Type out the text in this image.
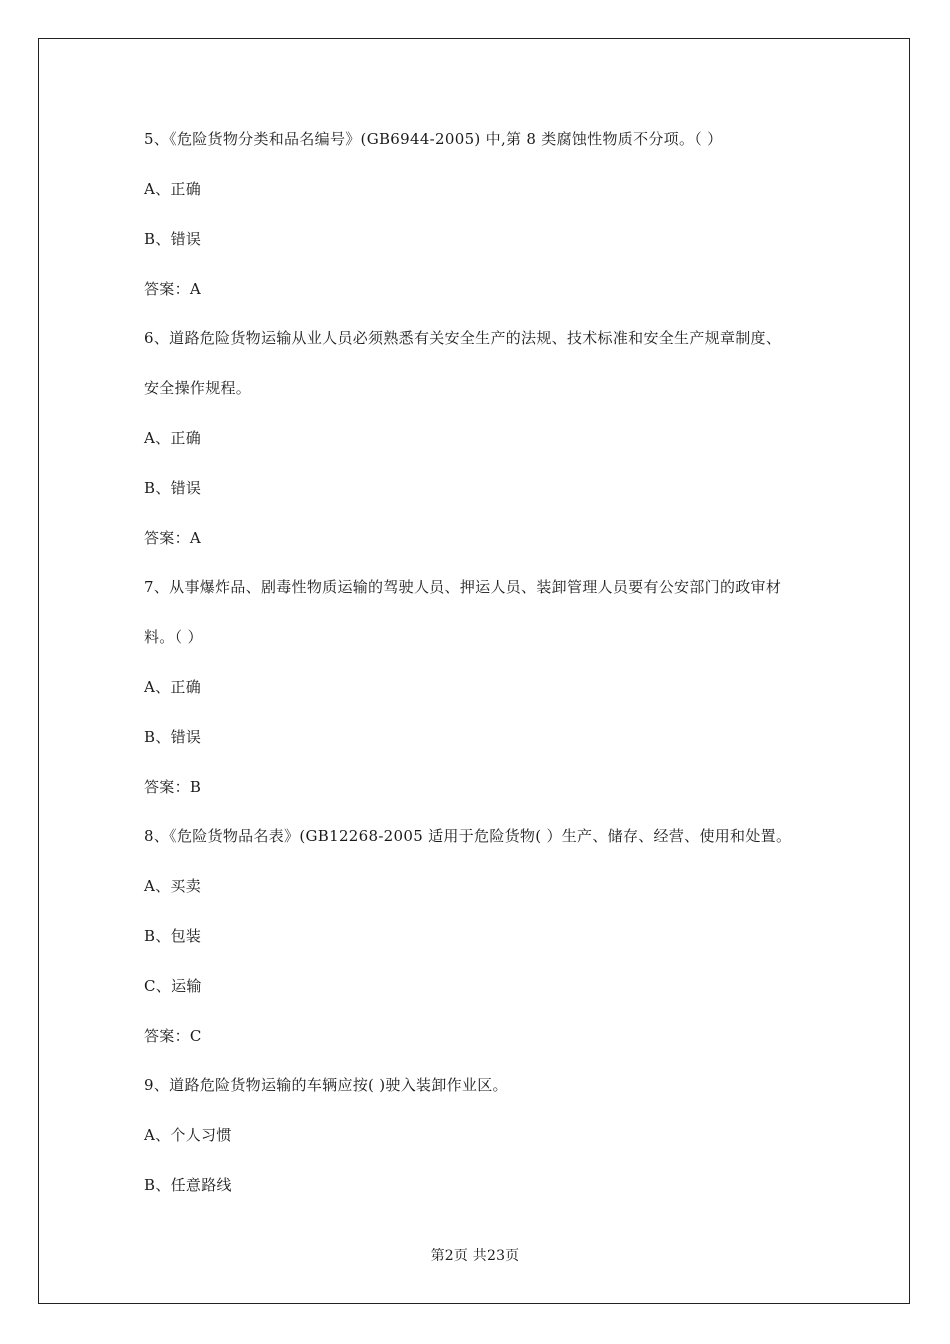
5、《危险货物分类和品名编号》(GB6944-2005) 中,第 8 类腐蚀性物质不分项。（ ）
A、正确
B、错误
答案：A
6、道路危险货物运输从业人员必须熟悉有关安全生产的法规、技术标准和安全生产规章制度、
安全操作规程。
A、正确
B、错误
答案：A
7、从事爆炸品、剧毒性物质运输的驾驶人员、押运人员、装卸管理人员要有公安部门的政审材
料。（ ）
A、正确
B、错误
答案：B
8、《危险货物品名表》(GB12268-2005 适用于危险货物( ）生产、储存、经营、使用和处置。
A、买卖
B、包装
C、运输
答案：C
9、道路危险货物运输的车辆应按( )驶入装卸作业区。
A、个人习惯
B、任意路线
第2页 共23页
